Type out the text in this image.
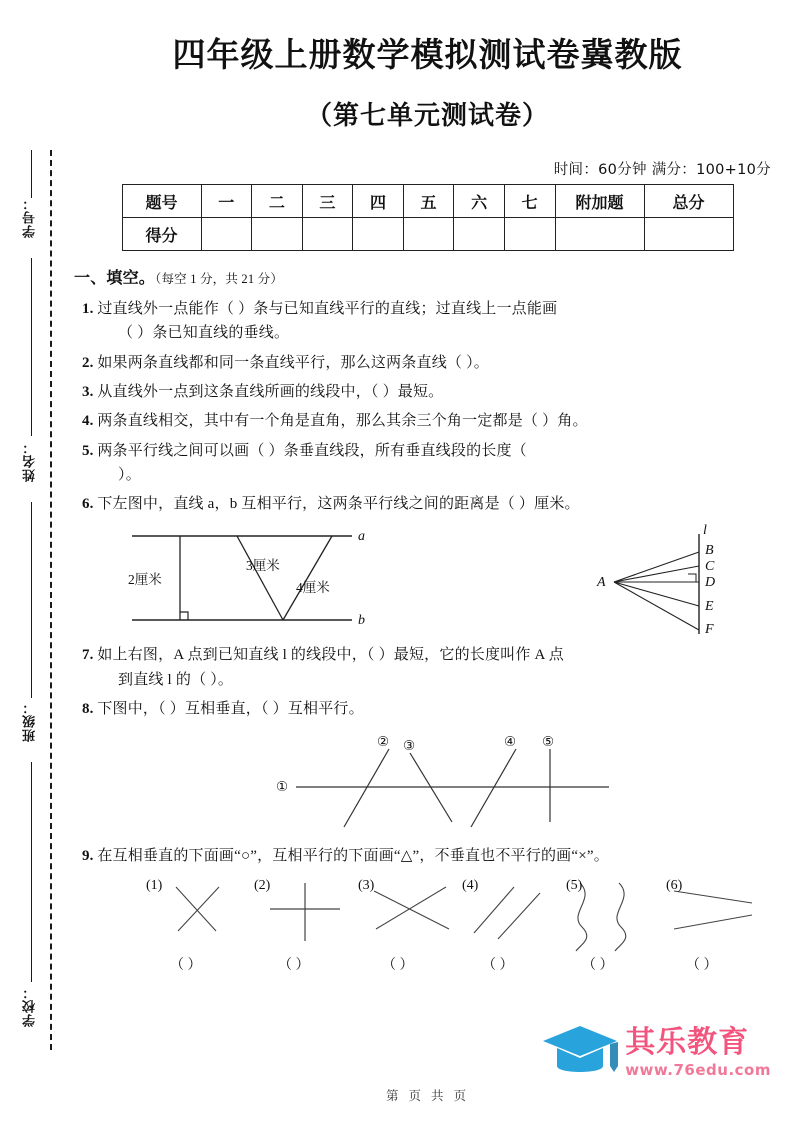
学号：
姓名：
班级：
学校：
四年级上册数学模拟测试卷冀教版
（第七单元测试卷）
时间：60分钟 满分：100+10分
题号	一	二	三	四	五	六	七	附加题	总分
得分									
一、填空。（每空 1 分，共 21 分）
1. 过直线外一点能作（ ）条与已知直线平行的直线；过直线上一点能画
（ ）条已知直线的垂线。
2. 如果两条直线都和同一条直线平行，那么这两条直线（ ）。
3. 从直线外一点到这条直线所画的线段中，（ ）最短。
4. 两条直线相交，其中有一个角是直角，那么其余三个角一定都是（ ）角。
5. 两条平行线之间可以画（ ）条垂直线段，所有垂直线段的长度（
）。
6. 下左图中，直线 a，b 互相平行，这两条平行线之间的距离是（ ）厘米。
a
b
2厘米
3厘米
4厘米	A
l
B
C
D
E
F
7. 如上右图，A 点到已知直线 l 的线段中，（ ）最短，它的长度叫作 A 点
到直线 l 的（ ）。
8. 下图中，（ ）互相垂直，（ ）互相平行。
①
② ③	④ ⑤
9. 在互相垂直的下面画“○”，互相平行的下面画“△”，不垂直也不平行的画“×”。
(1)	(2)	(3)	(4)	(5)	(6)
（ ）	（ ）	（ ）	（ ）	（ ）	（ ）
其乐教育
www.76edu.com
第 页 共 页
